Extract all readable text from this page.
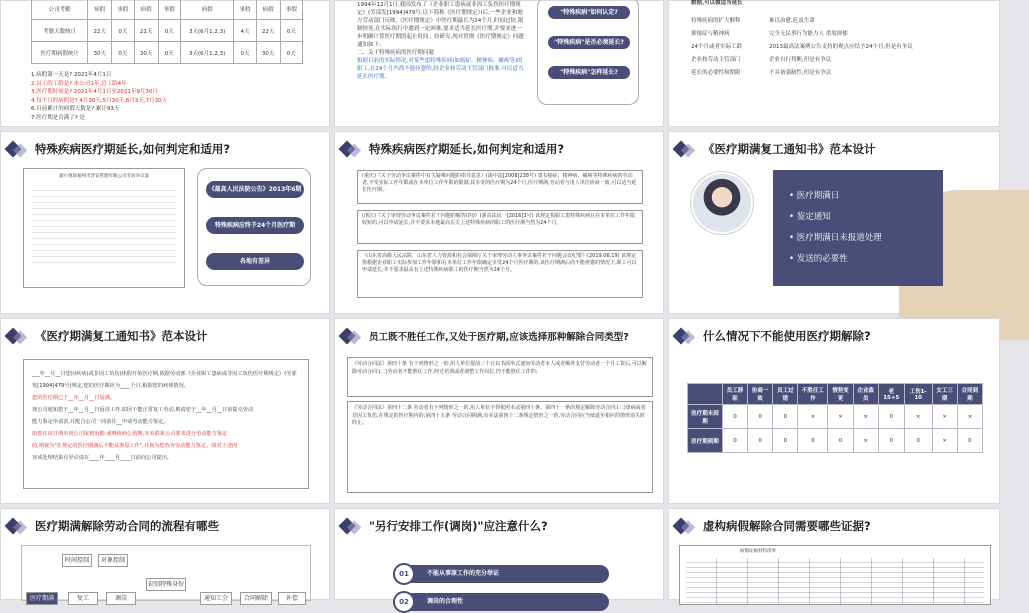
公司考勤	病假	事假	病假	事假	病假	事假	病假	事假
考勤天数统计	22天	0天	21天	0天	3天(6月1,2,3)	4天	22天	0天
医疗期病假统计	30天	0天	30天	0天	3天(6月1,2,3)	0天	30天	0天
1.病假第一天是? 2021年4月1日
2.员工的工龄是? 本公司1年,总工龄4年
3.医疗期时间是? 2021年4月1日至2021年9月30日
4.每个月的病假是? 4月30天,5月30天,6月3天,7月30天
6.目前累计的病假天数是? 累计93天
7.医疗期是否满了? 是
1994年12月1日,我国发布了《企业职工患病或非因工负伤医疗期规定》(劳部发[1994]479号,以下简称《医疗期规定》)后,一些企业和地方劳动部门反映,《医疗期规定》中医疗期最长为24个月,时间过短,限制较死,在实际执行中遇到一定困难,要求适当延长医疗期,并要求进一步明确计算医疗期的起止时间。经研究,现对贯彻《医疗期规定》问题通知如下:
二、关于特殊疾病的医疗期问题
根据目前的实际情况,对某些患特殊疾病(如癌症、精神病、瘫痪等)的职工,在24个月内尚不能痊愈的,经企业和劳动主管部门批准,可以适当延长医疗期。
"特殊疾病"如何认定?
"特殊疾病"是否必须延长?
"特殊疾病"怎样延长?
数据,可以做适当延长
特殊疾病的扩大解释	难以治愈,危及生命
抑郁症与精神病	完全无民事行为能力人 重度抑郁
24个月或者实际工龄	2013最高法案例公告支持的观点应结予24个月,但是有争议
企业和劳动主管部门	企业自行判断,但是有争议
延长的必要性和期限	不具备强制性,但是有争议
特殊疾病医疗期延长,如何判定和适用?
湖小炮诉福州市晋安管理有限公司劳动争议案
《最高人民法院公告》2013年6期
特殊疾病应终予24个月医疗期
各地有差异
特殊疾病医疗期延长,如何判定和适用?
(重庆)《关于劳动争议案件中有关疑难问题的指导意见》(渝中法[2008]238号) 患有癌症、精神病、瘫痪等特殊疾病的劳动者,不受实际工作年限或在本单位工作年限的限制,其享受的医疗期为24个月,医疗期满,劳动者与用人单位协商一致,可以适当延长医疗期。
(浙江)《关于审理劳动争议案件若干问题的解答(四)》(浙高法民一[2016]3号) 该规定指职工患特殊疾病且在本单位工作年限较短的,可以申请延长,并不要求本地最高有关上述特殊疾病的职工的医疗期当然为24个月。
《山东省高级人民法院、山东省人力资源和社会保障厅关于审理劳动人事争议案件若干问题会议纪要》(2019.06.19) 该规定指根据企业职工实际参加工作年限和在本单位工作年限确定享受24个月医疗期的,该医疗期满后尚不能痊愈的情况下,职工可以申请延长,并不要求最高有上述特殊疾病职工的医疗期当然为24个月。
《医疗期满复工通知书》范本设计
• 医疗期满日
• 鉴定通知
• 医疗期满日未报道处理
• 发送的必要性
《医疗期满复工通知书》范本设计
___年__月__日您因疾病(或非因工负伤)休假开始医疗期,依据劳动部《企业职工患病或非因工负伤医疗期规定》(劳部发[1994]479号)规定,您的医疗期应为____个月,根据您的病体情况,
您的医疗期已于__年__月__日届满。
现公司通知您于__年__月__日返岗工作,如因不能正常复工劳动,则请您于__年__月__日前提交劳动
能力鉴定申请表,并配合公司一同前往__申请劳动能力鉴定。
如您在该日期未到公司报到出勤,或继续病公假期,亦未联系公司要求进行劳动能力鉴定
的,则视为"在规定的医疗期满后不能从事原工作",并视为您放弃劳动能力鉴定。如对上述内
容或处理结果有异议请在____年____月____日前向公司提出。
员工既不胜任工作,又处于医疗期,应该选择那种解除合同类型?
《劳动合同法》第四十条 有下列情形之一的,用人单位提前三十日以书面形式通知劳动者本人或者额外支付劳动者一个月工资后,可以解除劳动合同:(二)劳动者不能胜任工作,经过培训或者调整工作岗位,仍不能胜任工作的;
《劳动合同法》第四十二条 劳动者有下列情形之一的,用人单位不得依照本法第四十条、第四十一条的规定解除劳动合同:(三)患病或者非因工负伤,在规定的医疗期内的;第四十五条 劳动合同期满,有本法第四十二条规定情形之一的,劳动合同应当续延至相应的情形消失时终止。
什么情况下不能使用医疗期解除?
	员工辞职	协商一致	员工过错	不胜任工作	情势变更	企业裁员	老15+5	工伤1-10	女工三期	合同到期
医疗期未到期	0	0	0	×	×	×	0	×	×	×
医疗期到期	0	0	0	0	0	×	0	0	×	0
医疗期满解除劳动合同的流程有哪些
时间控制	对象控制
医疗期满	复工	调岗
识别特殊身份
通知工会	合同解除	补偿
"另行安排工作(调岗)"应注意什么?
不能从事原工作的充分举证
01
调岗的合理性
02
虚构病假解除合同需要哪些证据?
病假证据材料清单
